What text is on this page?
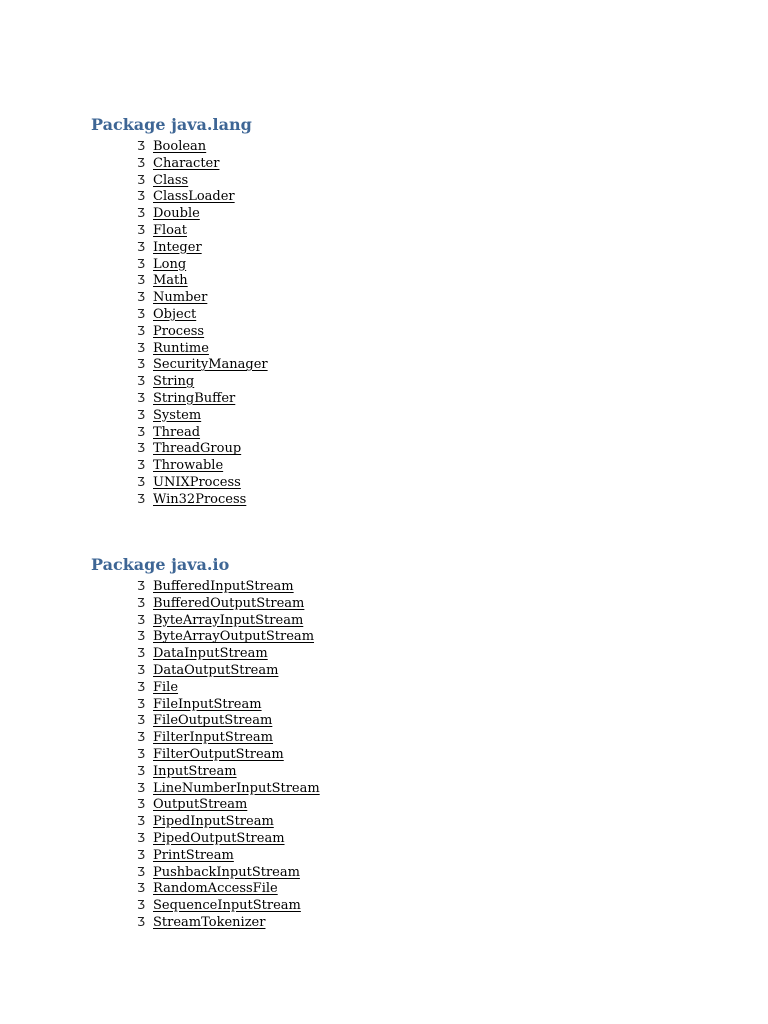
Package java.lang
Ӡ Boolean
Ӡ Character
Ӡ Class
Ӡ ClassLoader
Ӡ Double
Ӡ Float
Ӡ Integer
Ӡ Long
Ӡ Math
Ӡ Number
Ӡ Object
Ӡ Process
Ӡ Runtime
Ӡ SecurityManager
Ӡ String
Ӡ StringBuffer
Ӡ System
Ӡ Thread
Ӡ ThreadGroup
Ӡ Throwable
Ӡ UNIXProcess
Ӡ Win32Process
Package java.io
Ӡ BufferedInputStream
Ӡ BufferedOutputStream
Ӡ ByteArrayInputStream
Ӡ ByteArrayOutputStream
Ӡ DataInputStream
Ӡ DataOutputStream
Ӡ File
Ӡ FileInputStream
Ӡ FileOutputStream
Ӡ FilterInputStream
Ӡ FilterOutputStream
Ӡ InputStream
Ӡ LineNumberInputStream
Ӡ OutputStream
Ӡ PipedInputStream
Ӡ PipedOutputStream
Ӡ PrintStream
Ӡ PushbackInputStream
Ӡ RandomAccessFile
Ӡ SequenceInputStream
Ӡ StreamTokenizer
